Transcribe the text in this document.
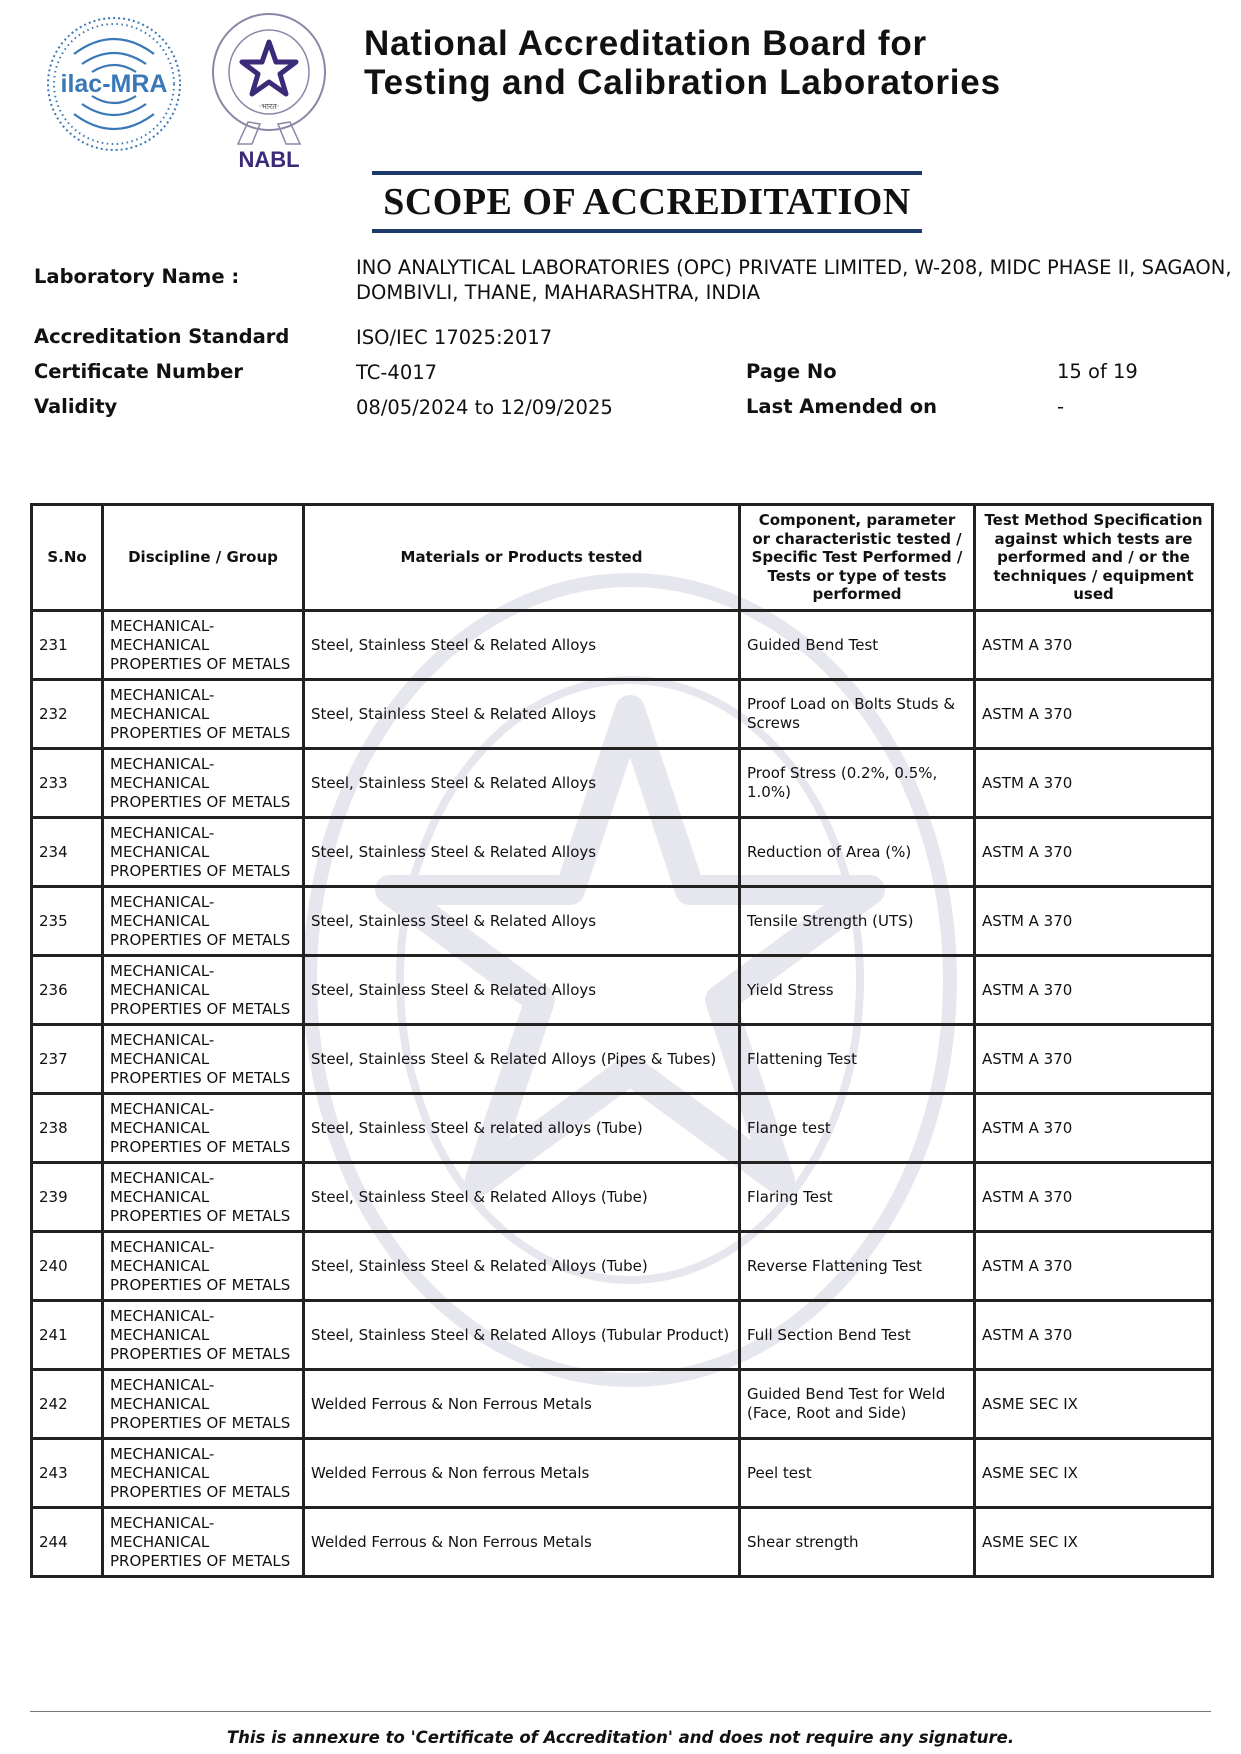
ilac-MRA
·भारत·
NABL
National Accreditation Board for
Testing and Calibration Laboratories
SCOPE OF ACCREDITATION
Laboratory Name :	INO ANALYTICAL LABORATORIES (OPC) PRIVATE LIMITED, W-208, MIDC PHASE II, SAGAON, DOMBIVLI, THANE, MAHARASHTRA, INDIA
Accreditation Standard	ISO/IEC 17025:2017
Certificate Number	TC-4017	Page No	15 of 19
Validity	08/05/2024 to 12/09/2025	Last Amended on	-
S.No	Discipline / Group	Materials or Products tested	Component, parameter or characteristic tested / Specific Test Performed / Tests or type of tests performed	Test Method Specification against which tests are performed and / or the techniques / equipment used
231	MECHANICAL- MECHANICAL PROPERTIES OF METALS	Steel, Stainless Steel & Related Alloys	Guided Bend Test	ASTM A 370
232	MECHANICAL- MECHANICAL PROPERTIES OF METALS	Steel, Stainless Steel & Related Alloys	Proof Load on Bolts Studs & Screws	ASTM A 370
233	MECHANICAL- MECHANICAL PROPERTIES OF METALS	Steel, Stainless Steel & Related Alloys	Proof Stress (0.2%, 0.5%, 1.0%)	ASTM A 370
234	MECHANICAL- MECHANICAL PROPERTIES OF METALS	Steel, Stainless Steel & Related Alloys	Reduction of Area (%)	ASTM A 370
235	MECHANICAL- MECHANICAL PROPERTIES OF METALS	Steel, Stainless Steel & Related Alloys	Tensile Strength (UTS)	ASTM A 370
236	MECHANICAL- MECHANICAL PROPERTIES OF METALS	Steel, Stainless Steel & Related Alloys	Yield Stress	ASTM A 370
237	MECHANICAL- MECHANICAL PROPERTIES OF METALS	Steel, Stainless Steel & Related Alloys (Pipes & Tubes)	Flattening Test	ASTM A 370
238	MECHANICAL- MECHANICAL PROPERTIES OF METALS	Steel, Stainless Steel & related alloys (Tube)	Flange test	ASTM A 370
239	MECHANICAL- MECHANICAL PROPERTIES OF METALS	Steel, Stainless Steel & Related Alloys (Tube)	Flaring Test	ASTM A 370
240	MECHANICAL- MECHANICAL PROPERTIES OF METALS	Steel, Stainless Steel & Related Alloys (Tube)	Reverse Flattening Test	ASTM A 370
241	MECHANICAL- MECHANICAL PROPERTIES OF METALS	Steel, Stainless Steel & Related Alloys (Tubular Product)	Full Section Bend Test	ASTM A 370
242	MECHANICAL- MECHANICAL PROPERTIES OF METALS	Welded Ferrous & Non Ferrous Metals	Guided Bend Test for Weld (Face, Root and Side)	ASME SEC IX
243	MECHANICAL- MECHANICAL PROPERTIES OF METALS	Welded Ferrous & Non ferrous Metals	Peel test	ASME SEC IX
244	MECHANICAL- MECHANICAL PROPERTIES OF METALS	Welded Ferrous & Non Ferrous Metals	Shear strength	ASME SEC IX
This is annexure to 'Certificate of Accreditation' and does not require any signature.
